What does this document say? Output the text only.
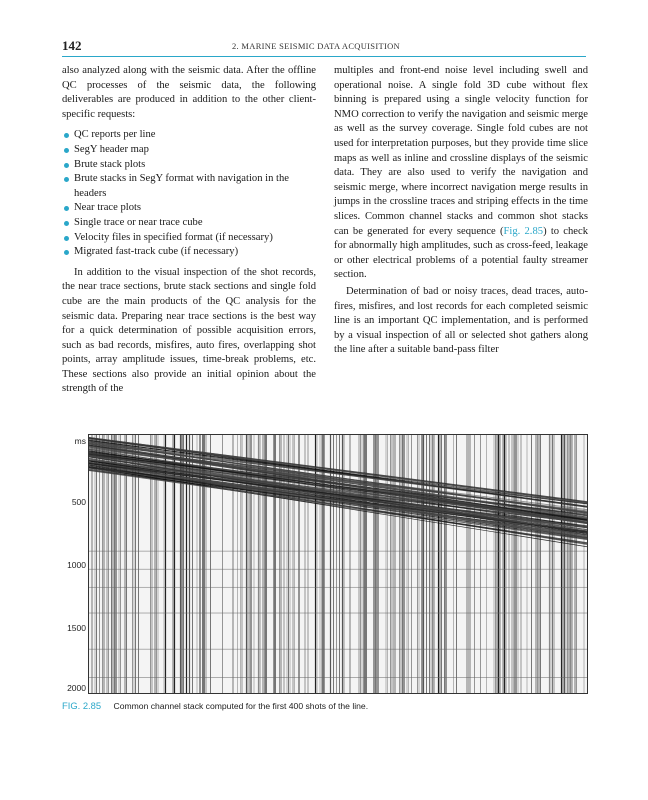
142	2. MARINE SEISMIC DATA ACQUISITION

also analyzed along with the seismic data. After the offline QC processes of the seismic data, the following deliverables are produced in addition to the other client-specific requests:

QC reports per line
SegY header map
Brute stack plots
Brute stacks in SegY format with navigation in the headers
Near trace plots
Single trace or near trace cube
Velocity files in specified format (if necessary)
Migrated fast-track cube (if necessary)

In addition to the visual inspection of the shot records, the near trace sections, brute stack sections and single fold cube are the main products of the QC analysis for the seismic data. Preparing near trace sections is the best way for a quick determination of possible acquisition errors, such as bad records, misfires, auto fires, overlapping shot points, array amplitude issues, time-break problems, etc. These sections also provide an initial opinion about the strength of the

multiples and front-end noise level including swell and operational noise. A single fold 3D cube without flex binning is prepared using a single velocity function for NMO correction to verify the navigation and seismic merge as well as the survey coverage. Single fold cubes are not used for interpretation purposes, but they provide time slice maps as well as inline and crossline displays of the seismic data. They are also used to verify the navigation and seismic merge, where incorrect navigation merge results in jumps in the crossline traces and striping effects in the time slices. Common channel stacks and common shot stacks can be generated for every sequence (Fig. 2.85) to check for abnormally high amplitudes, such as cross-feed, leakage or other electrical problems of a potential faulty streamer section.

Determination of bad or noisy traces, dead traces, auto-fires, misfires, and lost records for each completed seismic line is an important QC implementation, and is performed by a visual inspection of all or selected shot gathers along the line after a suitable band-pass filter

ms
500
1000
1500
2000
FIG. 2.85 Common channel stack computed for the first 400 shots of the line.
